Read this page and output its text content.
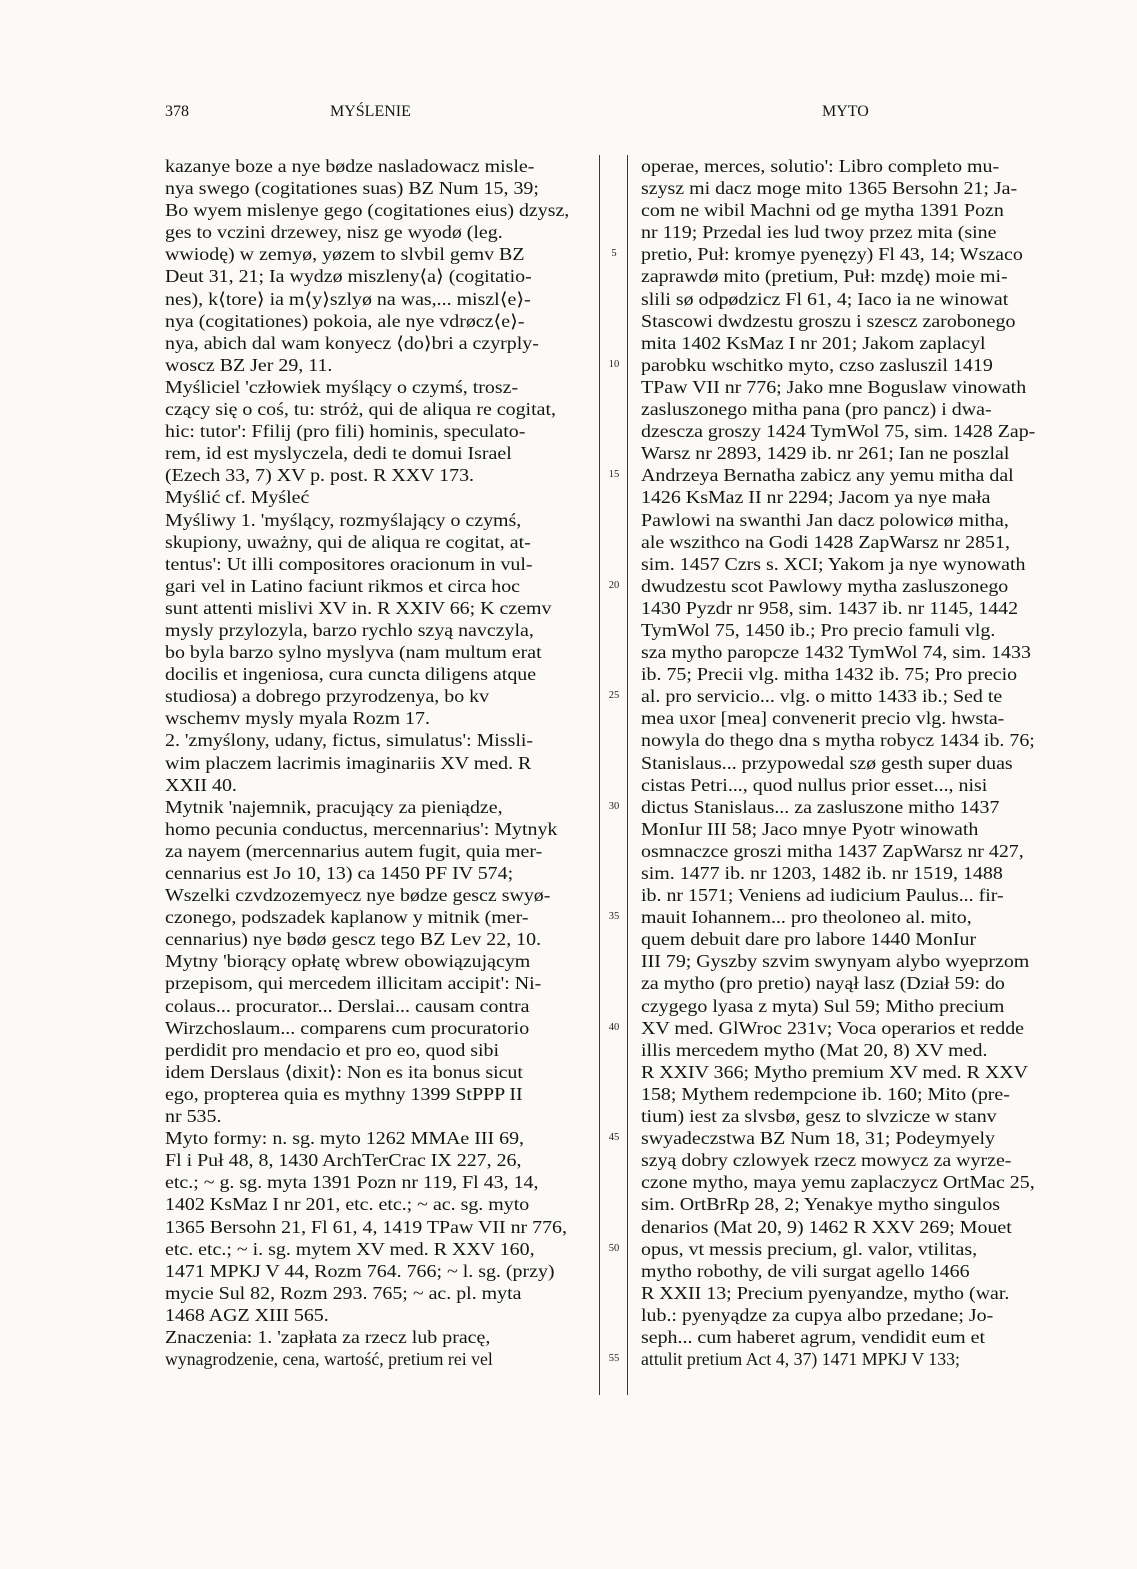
378	MYŚLENIE	MYTO
kazanye boze a nye bødze nasladowacz misle-
nya swego (cogitationes suas) BZ Num 15, 39;
Bo wyem mislenye gego (cogitationes eius) dzysz,
ges to vczini drzewey, nisz ge wyodø (leg.
wwiodę) w zemyø, yøzem to slvbil gemv BZ
Deut 31, 21; Ia wydzø miszleny⟨a⟩ (cogitatio-
nes), k⟨tore⟩ ia m⟨y⟩szlyø na was,... miszl⟨e⟩-
nya (cogitationes) pokoia, ale nye vdrøcz⟨e⟩-
nya, abich dal wam konyecz ⟨do⟩bri a czyrply-
woscz BZ Jer 29, 11.
Myśliciel 'człowiek myślący o czymś, trosz-
czący się o coś, tu: stróż, qui de aliqua re cogitat,
hic: tutor': Ffilij (pro fili) hominis, speculato-
rem, id est myslyczela, dedi te domui Israel
(Ezech 33, 7) XV p. post. R XXV 173.
Myślić cf. Myśleć
Myśliwy 1. 'myślący, rozmyślający o czymś,
skupiony, uważny, qui de aliqua re cogitat, at-
tentus': Ut illi compositores oracionum in vul-
gari vel in Latino faciunt rikmos et circa hoc
sunt attenti mislivi XV in. R XXIV 66; K czemv
mysly przylozyla, barzo rychlo szyą navczyla,
bo byla barzo sylno myslyva (nam multum erat
docilis et ingeniosa, cura cuncta diligens atque
studiosa) a dobrego przyrodzenya, bo kv
wschemv mysly myala Rozm 17.
2. 'zmyślony, udany, fictus, simulatus': Missli-
wim placzem lacrimis imaginariis XV med. R
XXII 40.
Mytnik 'najemnik, pracujący za pieniądze,
homo pecunia conductus, mercennarius': Mytnyk
za nayem (mercennarius autem fugit, quia mer-
cennarius est Jo 10, 13) ca 1450 PF IV 574;
Wszelki czvdzozemyecz nye bødze gescz swyø-
czonego, podszadek kaplanow y mitnik (mer-
cennarius) nye bødø gescz tego BZ Lev 22, 10.
Mytny 'biorący opłatę wbrew obowiązującym
przepisom, qui mercedem illicitam accipit': Ni-
colaus... procurator... Derslai... causam contra
Wirzchoslaum... comparens cum procuratorio
perdidit pro mendacio et pro eo, quod sibi
idem Derslaus ⟨dixit⟩: Non es ita bonus sicut
ego, propterea quia es mythny 1399 StPPP II
nr 535.
Myto formy: n. sg. myto 1262 MMAe III 69,
Fl i Puł 48, 8, 1430 ArchTerCrac IX 227, 26,
etc.; ~ g. sg. myta 1391 Pozn nr 119, Fl 43, 14,
1402 KsMaz I nr 201, etc. etc.; ~ ac. sg. myto
1365 Bersohn 21, Fl 61, 4, 1419 TPaw VII nr 776,
etc. etc.; ~ i. sg. mytem XV med. R XXV 160,
1471 MPKJ V 44, Rozm 764. 766; ~ l. sg. (przy)
mycie Sul 82, Rozm 293. 765; ~ ac. pl. myta
1468 AGZ XIII 565.
Znaczenia: 1. 'zapłata za rzecz lub pracę,
wynagrodzenie, cena, wartość, pretium rei vel
5
10
15
20
25
30
35
40
45
50
55
operae, merces, solutio': Libro completo mu-
szysz mi dacz moge mito 1365 Bersohn 21; Ja-
com ne wibil Machni od ge mytha 1391 Pozn
nr 119; Przedal ies lud twoy przez mita (sine
pretio, Puł: kromye pyenęzy) Fl 43, 14; Wszaco
zaprawdø mito (pretium, Puł: mzdę) moie mi-
slili sø odpødzicz Fl 61, 4; Iaco ia ne winowat
Stascowi dwdzestu groszu i szescz zarobonego
mita 1402 KsMaz I nr 201; Jakom zaplacyl
parobku wschitko myto, czso zasluszil 1419
TPaw VII nr 776; Jako mne Boguslaw vinowath
zasluszonego mitha pana (pro pancz) i dwa-
dzescza groszy 1424 TymWol 75, sim. 1428 Zap-
Warsz nr 2893, 1429 ib. nr 261; Ian ne poszlal
Andrzeya Bernatha zabicz any yemu mitha dal
1426 KsMaz II nr 2294; Jacom ya nye mała
Pawlowi na swanthi Jan dacz polowicø mitha,
ale wszithco na Godi 1428 ZapWarsz nr 2851,
sim. 1457 Czrs s. XCI; Yakom ja nye wynowath
dwudzestu scot Pawlowy mytha zasluszonego
1430 Pyzdr nr 958, sim. 1437 ib. nr 1145, 1442
TymWol 75, 1450 ib.; Pro precio famuli vlg.
sza mytho paropcze 1432 TymWol 74, sim. 1433
ib. 75; Precii vlg. mitha 1432 ib. 75; Pro precio
al. pro servicio... vlg. o mitto 1433 ib.; Sed te
mea uxor [mea] convenerit precio vlg. hwsta-
nowyla do thego dna s mytha robycz 1434 ib. 76;
Stanislaus... przypowedal szø gesth super duas
cistas Petri..., quod nullus prior esset..., nisi
dictus Stanislaus... za zasluszone mitho 1437
MonIur III 58; Jaco mnye Pyotr winowath
osmnaczce groszi mitha 1437 ZapWarsz nr 427,
sim. 1477 ib. nr 1203, 1482 ib. nr 1519, 1488
ib. nr 1571; Veniens ad iudicium Paulus... fir-
mauit Iohannem... pro theoloneo al. mito,
quem debuit dare pro labore 1440 MonIur
III 79; Gyszby szvim swynyam alybo wyeprzom
za mytho (pro pretio) nayął lasz (Dział 59: do
czygego lyasa z myta) Sul 59; Mitho precium
XV med. GlWroc 231v; Voca operarios et redde
illis mercedem mytho (Mat 20, 8) XV med.
R XXIV 366; Mytho premium XV med. R XXV
158; Mythem redempcione ib. 160; Mito (pre-
tium) iest za slvsbø, gesz to slvzicze w stanv
swyadeczstwa BZ Num 18, 31; Podeymyely
szyą dobry czlowyek rzecz mowycz za wyrze-
czone mytho, maya yemu zaplaczycz OrtMac 25,
sim. OrtBrRp 28, 2; Yenakye mytho singulos
denarios (Mat 20, 9) 1462 R XXV 269; Mouet
opus, vt messis precium, gl. valor, vtilitas,
mytho robothy, de vili surgat agello 1466
R XXII 13; Precium pyenyandze, mytho (war.
lub.: pyenyądze za cupya albo przedane; Jo-
seph... cum haberet agrum, vendidit eum et
attulit pretium Act 4, 37) 1471 MPKJ V 133;
